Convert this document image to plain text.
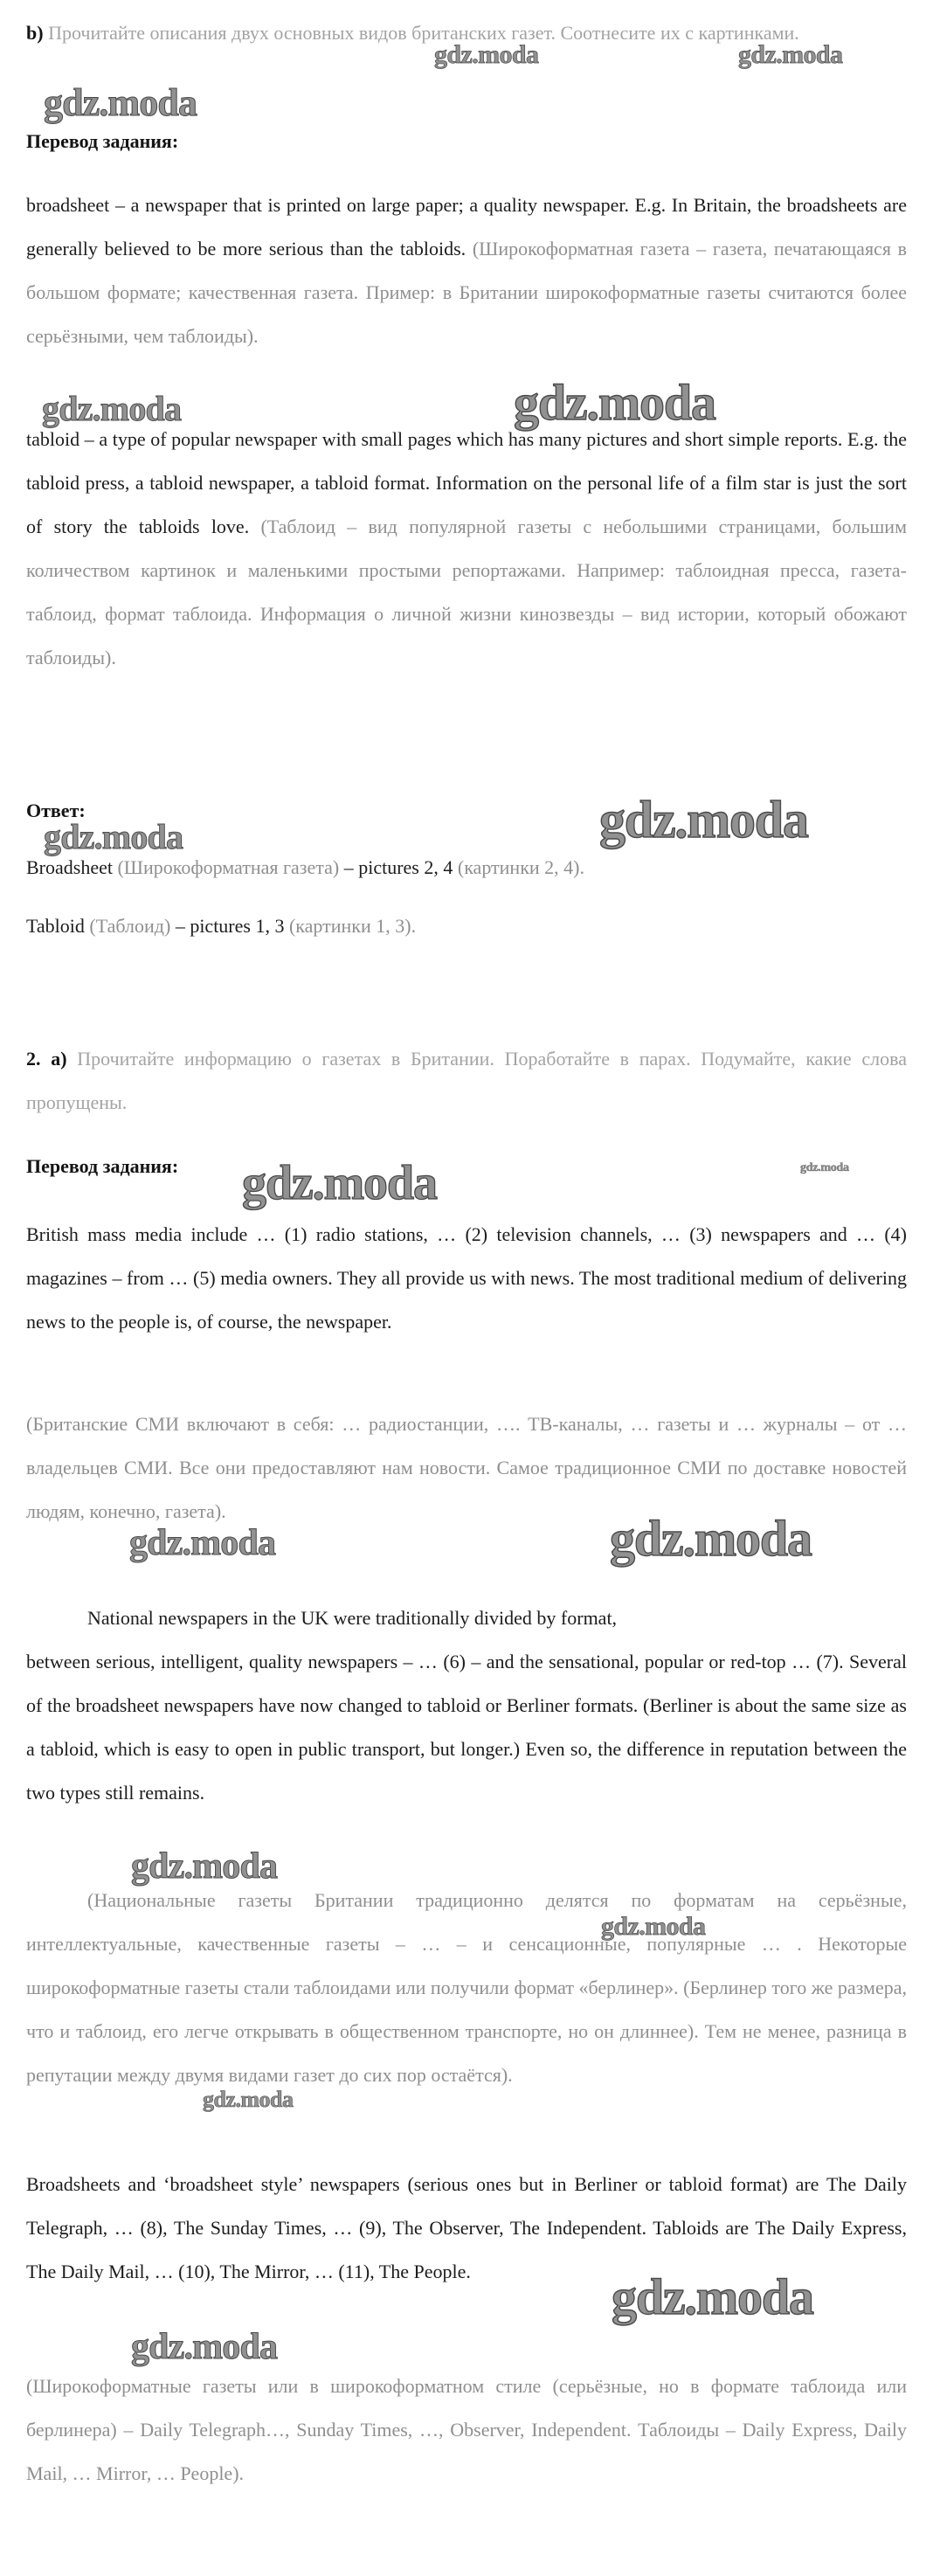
b) Прочитайте описания двух основных видов британских газет. Соотнесите их с картинками.
Перевод задания:
broadsheet – a newspaper that is printed on large paper; a quality newspaper. E.g. In Britain, the broadsheets are generally believed to be more serious than the tabloids. (Широкоформатная газета – газета, печатающаяся в большом формате; качественная газета. Пример: в Британии широкоформатные газеты считаются более серьёзными, чем таблоиды).
tabloid – a type of popular newspaper with small pages which has many pictures and short simple reports. E.g. the tabloid press, a tabloid newspaper, a tabloid format. Information on the personal life of a film star is just the sort of story the tabloids love. (Таблоид – вид популярной газеты с небольшими страницами, большим количеством картинок и маленькими простыми репортажами. Например: таблоидная пресса, газета-таблоид, формат таблоида. Информация о личной жизни кинозвезды – вид истории, который обожают таблоиды).
Ответ:
Broadsheet (Широкоформатная газета) – pictures 2, 4 (картинки 2, 4).
Tabloid (Таблоид) – pictures 1, 3 (картинки 1, 3).
2. a) Прочитайте информацию о газетах в Британии. Поработайте в парах. Подумайте, какие слова пропущены.
Перевод задания:
British mass media include … (1) radio stations, … (2) television channels, … (3) newspapers and … (4) magazines – from … (5) media owners. They all provide us with news. The most traditional medium of delivering news to the people is, of course, the newspaper.
(Британские СМИ включают в себя: … радиостанции, …. ТВ-каналы, … газеты и … журналы – от … владельцев СМИ. Все они предоставляют нам новости. Самое традиционное СМИ по доставке новостей людям, конечно, газета).
National newspapers in the UK were traditionally divided by format,
between serious, intelligent, quality newspapers – … (6) – and the sensational, popular or red-top … (7). Several of the broadsheet newspapers have now changed to tabloid or Berliner formats. (Berliner is about the same size as a tabloid, which is easy to open in public transport, but longer.) Even so, the difference in reputation between the two types still remains.
(Национальные газеты Британии традиционно делятся по форматам на серьёзные, интеллектуальные, качественные газеты – … – и сенсационные, популярные … . Некоторые широкоформатные газеты стали таблоидами или получили формат «берлинер». (Берлинер того же размера, что и таблоид, его легче открывать в общественном транспорте, но он длиннее). Тем не менее, разница в репутации между двумя видами газет до сих пор остаётся).
Broadsheets and ‘broadsheet style’ newspapers (serious ones but in Berliner or tabloid format) are The Daily Telegraph, … (8), The Sunday Times, … (9), The Observer, The Independent. Tabloids are The Daily Express, The Daily Mail, … (10), The Mirror, … (11), The People.
(Широкоформатные газеты или в широкоформатном стиле (серьёзные, но в формате таблоида или берлинера) – Daily Telegraph…, Sunday Times, …, Observer, Independent. Таблоиды – Daily Express, Daily Mail, … Mirror, … People).
gdz.moda	gdz.moda
gdz.moda
gdz.moda	gdz.moda
gdz.moda	gdz.moda
gdz.moda	gdz.moda
gdz.moda	gdz.moda
gdz.moda
gdz.moda
gdz.moda
gdz.moda
gdz.moda
